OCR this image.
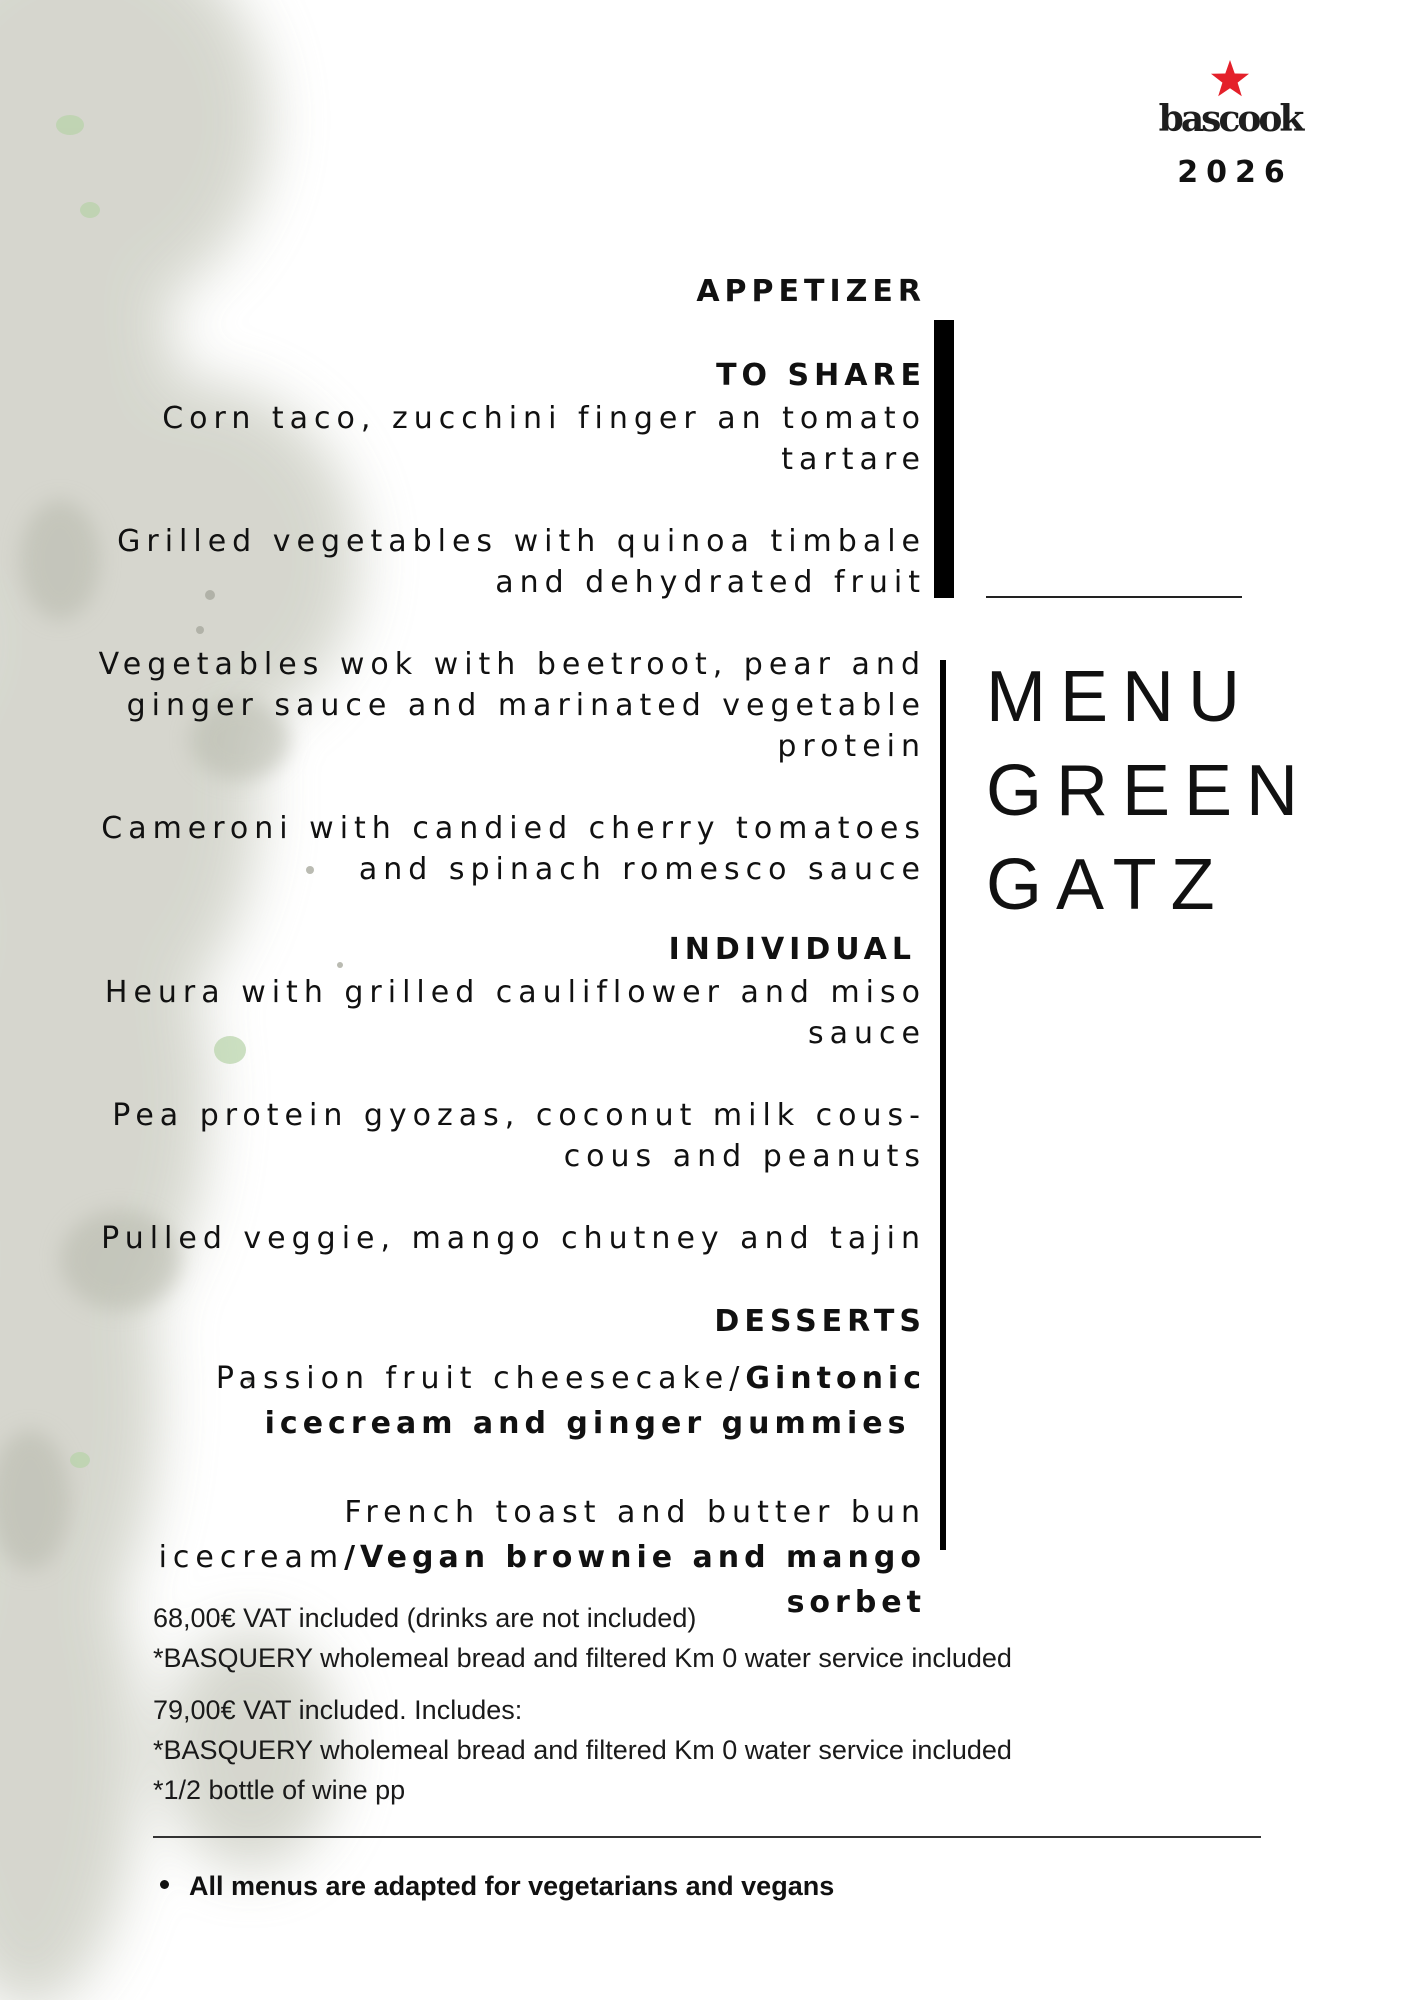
bascook
2026
MENU
GREEN
GATZ
APPETIZER
TO SHARE
Corn taco, zucchini finger an tomato
tartare
Grilled vegetables with quinoa timbale
and dehydrated fruit
Vegetables wok with beetroot, pear and
ginger sauce and marinated vegetable
protein
Cameroni with candied cherry tomatoes
and spinach romesco sauce
INDIVIDUAL
Heura with grilled cauliflower and miso
sauce
Pea protein gyozas, coconut milk cous-
cous and peanuts
Pulled veggie, mango chutney and tajin
DESSERTS
Passion fruit cheesecake/Gintonic
icecream and ginger gummies
French toast and butter bun
icecream/Vegan brownie and mango
sorbet

68,00€ VAT included (drinks are not included)

*BASQUERY wholemeal bread and filtered Km 0 water service included

79,00€ VAT included. Includes:

*BASQUERY wholemeal bread and filtered Km 0 water service included

*1/2 bottle of wine pp

All menus are adapted for vegetarians and vegans
